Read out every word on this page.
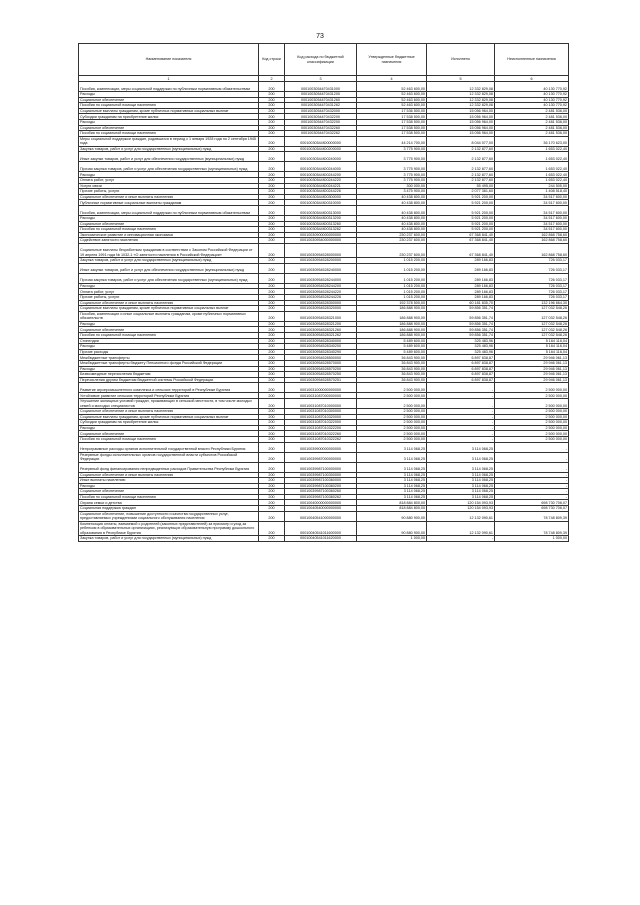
73
Наименование показателя	Код строки	Код расхода по бюджетной классификации	Утвержденные бюджетные назначения	Исполнено	Неисполненные назначения
1	2	3	4	5	6
Пособия, компенсации, меры социальной поддержки по публичным нормативным обязательствам	200	00010030544Г0431000	52 463 600,00	12 332 829,08	40 130 770,92
Расходы	200	00010030544Г0431200	52 463 600,00	12 332 829,08	40 130 770,92
Социальное обеспечение	200	00010030544Г0431260	52 463 600,00	12 332 829,08	40 130 770,92
Пособия по социальной помощи населению	200	00010030544Г0431262	52 463 600,00	12 332 829,08	40 130 770,92
Социальные выплаты гражданам, кроме публичных нормативных социальных выплат	200	00010030544Г0432000	17 536 500,00	15 056 964,00	2 481 536,00
Субсидии гражданам на приобретение жилья	200	00010030544Г0432200	17 538 500,00	15 056 964,00	2 481 536,00
Расходы	200	00010030544Г0432200	17 538 500,00	15 056 964,00	2 481 536,00
Социальное обеспечение	200	00010030544Г0432260	17 538 500,00	15 056 964,00	2 481 536,00
Пособия по социальной помощи населению	200	00010030544Г0432262	17 538 500,00	15 056 964,00	2 481 536,00
Меры социальной поддержки граждан, родившихся в период с 1 января 1928 года по 2 сентября 1945 года	200	00010030544Ю0000000	44 214 700,00	8 044 077,00	36 170 623,00
Закупка товаров, работ и услуг для государственных (муниципальных) нужд	200	00010030544Ю0200000	3 775 900,00	2 132 877,60	1 653 022,40
Иные закупки товаров, работ и услуг для обеспечения государственных (муниципальных) нужд	200	00010030544Ю0240000	3 775 900,00	2 132 877,60	1 653 022,40
Прочая закупка товаров, работ и услуг для обеспечения государственных (муниципальных) нужд	200	00010030544Ю0244000	3 775 900,00	2 132 877,60	1 653 022,40
Расходы	200	00010030544Ю0244200	3 775 900,00	2 132 877,60	1 653 022,40
Оплата работ, услуг	200	00010030544Ю0244220	3 775 900,00	2 132 877,60	1 653 022,40
Услуги связи	200	00010030544Ю0244221	300 000,00	55 495,00	244 505,00
Прочие работы, услуги	200	00010030544Ю0244226	3 475 900,00	2 077 381,60	1 408 518,40
Социальное обеспечение и иные выплаты населению	200	00010030544Ю0300000	40 438 800,00	5 921 200,00	34 517 600,00
Публичные нормативные социальные выплаты гражданам	200	00010030544Ю0310000	40 438 800,00	5 921 200,00	34 517 600,00
Пособия, компенсации, меры социальной поддержки по публичным нормативным обязательствам	200	00010030544Ю0313000	40 438 800,00	5 921 200,00	34 517 600,00
Расходы	200	00010030544Ю0313200	40 438 800,00	5 921 200,00	34 517 600,00
Социальное обеспечение	200	00010030544Ю0313260	40 438 800,00	5 921 200,00	34 517 600,00
Пособия по социальной помощи населению	200	00010030544Ю0313262	40 438 800,00	5 921 200,00	34 517 600,00
Экономическое развитие и инновационная экономика	200	00010030900000000000	230 237 600,00	67 368 841,40	162 868 758,60
Содействие занятости населения	200	00010030954000000000	230 237 600,00	67 368 841,40	162 868 758,60
Социальные выплаты безработным гражданам в соответствии с Законом Российской Федерации от 19 апреля 1991 года № 1032-1 «О занятости населения в Российской Федерации»	200	00010030954528000000	230 237 600,00	67 368 841,40	162 868 758,60
Закупка товаров, работ и услуг для государственных (муниципальных) нужд	200	00010030954528200000	1 015 200,00	289 166,83	726 033,17
Иные закупки товаров, работ и услуг для обеспечения государственных (муниципальных) нужд	200	00010030954528240000	1 015 200,00	289 166,83	726 033,17
Прочая закупка товаров, работ и услуг для обеспечения государственных (муниципальных) нужд	200	00010030954528244000	1 015 200,00	289 166,83	726 033,17
Расходы	200	00010030954528244200	1 015 200,00	289 166,83	726 033,17
Оплата работ, услуг	200	00010030954528244220	1 015 200,00	289 166,83	726 033,17
Прочие работы, услуги	200	00010030954528244226	1 015 200,00	289 166,83	726 033,17
Социальное обеспечение и иные выплаты населению	200	00010030954528300000	192 378 500,00	60 181 835,70	132 196 664,30
Социальные выплаты гражданам, кроме публичных нормативных социальных выплат	200	00010030954528320000	186 888 900,00	59 856 351,74	127 032 548,26
Пособия, компенсации и иные социальные выплаты гражданам, кроме публичных нормативных обязательств	200	00010030954528321000	186 888 900,00	59 856 351,74	127 032 548,26
Расходы	200	00010030954528321200	186 888 900,00	59 856 351,74	127 032 548,26
Социальное обеспечение	200	00010030954528321260	186 888 900,00	59 856 351,74	127 032 548,26
Пособия по социальной помощи населению	200	00010030954528321262	186 888 900,00	59 856 351,74	127 032 548,26
Стипендии	200	00010030954528340000	5 489 600,00	325 483,96	5 164 116,04
Расходы	200	00010030954528340200	5 489 600,00	325 483,96	5 164 116,04
Прочие расходы	200	00010030954528340290	5 489 600,00	325 483,96	5 164 116,04
Межбюджетные трансферты	200	00010030954528500000	36 843 900,00	6 897 838,87	29 946 061,13
Межбюджетные трансферты бюджету Пенсионного фонда Российской Федерации	200	00010030954528570000	36 843 900,00	6 897 838,87	29 946 061,13
Расходы	200	00010030954528570200	36 843 900,00	6 897 838,87	29 946 061,13
Безвозмездные перечисления бюджетам	200	00010030954528570250	36 843 900,00	6 897 838,87	29 946 061,13
Перечисления другим бюджетам бюджетной системы Российской Федерации	200	00010030954528570251	36 843 900,00	6 897 838,87	29 946 061,13
Развитие агропромышленного комплекса и сельских территорий в Республике Бурятия	200	00010031000000000000	2 500 000,00	-	2 500 000,00
Устойчивое развитие сельских территорий Республики Бурятия	200	00010031087000000000	2 500 000,00	-	2 500 000,00
Улучшение жилищных условий граждан, проживающих в сельской местности, в том числе молодых семей и молодых специалистов	200	00010031087010000000	2 500 000,00	-	2 500 000,00
Социальное обеспечение и иные выплаты населению	200	00010031087010300000	2 500 000,00	-	2 500 000,00
Социальные выплаты гражданам, кроме публичных нормативных социальных выплат	200	00010031087010320000	2 500 000,00	-	2 500 000,00
Субсидии гражданам на приобретение жилья	200	00010031087010322000	2 500 000,00	-	2 500 000,00
Расходы	200	00010031087010322200	2 500 000,00	-	2 500 000,00
Социальное обеспечение	200	00010031087010322260	2 500 000,00	-	2 500 000,00
Пособия по социальной помощи населению	200	00010031087010322262	2 500 000,00	-	2 500 000,00
Непрограммные расходы органов исполнительной государственной власти Республики Бурятия	200	00010039900000000000	3 114 068,25	3 114 068,25	-
Резервные фонды исполнительных органов государственной власти субъектов Российской Федерации	200	00010039987000000000	3 114 068,25	3 114 068,25	-
Резервный фонд финансирования непредвиденных расходов Правительства Республики Бурятия	200	00010039987100000000	3 114 068,25	3 114 068,25	-
Социальное обеспечение и иные выплаты населению	200	00010039987100300000	3 114 068,25	3 114 068,25	-
Иные выплаты населению	200	00010039987100360000	3 114 068,25	3 114 068,25	-
Расходы	200	00010039987100360200	3 114 068,25	3 114 068,25	-
Социальное обеспечение	200	00010039987100360260	3 114 068,25	3 114 068,25	-
Пособия по социальной помощи населению	200	00010039987100360262	3 114 068,25	3 114 068,25	-
Охрана семьи и детства	200	00010040000000000000	818 884 800,00	120 154 093,93	698 730 706,07
Социальная поддержка граждан	200	00010040540000000000	818 884 800,00	120 154 093,93	698 730 706,07
Социальное обеспечение, повышение доступности и качества государственных услуг, предоставляемых учреждениями социального обслуживания населения	200	00010040541000000000	90 880 900,00	12 132 090,61	78 748 809,39
Компенсация оплаты, взимаемой с родителей (законных представителей) за присмотр и уход за ребенком в образовательных организациях, реализующих образовательную программу дошкольного образования в Республике Бурятия	200	00010040541011600000	90 880 900,00	12 132 090,61	78 748 809,39
Закупка товаров, работ и услуг для государственных (муниципальных) нужд	200	00010040541011620000	1 000,00	-	1 000,00
